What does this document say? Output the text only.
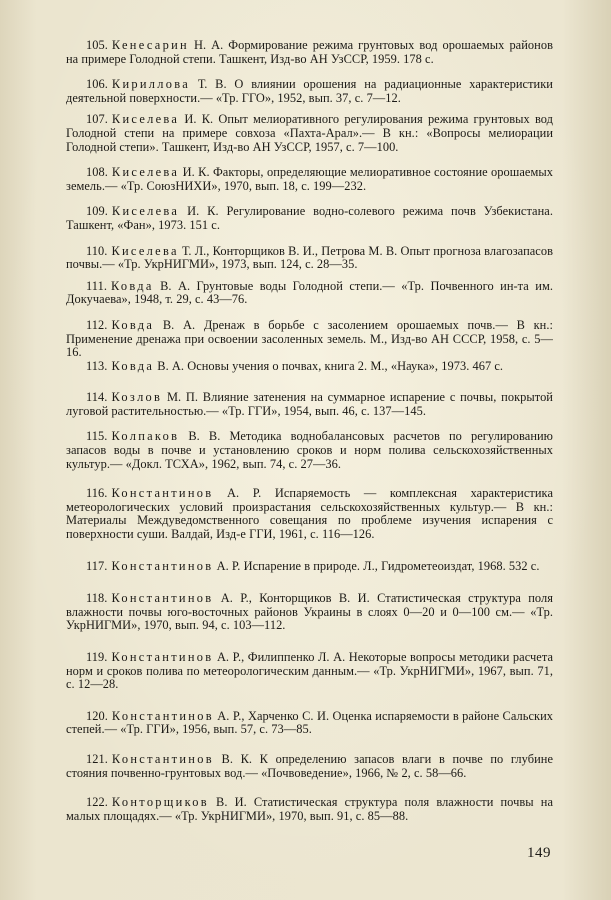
105. Кенесарин Н. А. Формирование режима грунтовых вод орошаемых районов на примере Голодной степи. Ташкент, Изд-во АН УзССР, 1959. 178 с.
106. Кириллова Т. В. О влиянии орошения на радиационные характеристики деятельной поверхности.— «Тр. ГГО», 1952, вып. 37, с. 7—12.
107. Киселева И. К. Опыт мелиоративного регулирования режима грунтовых вод Голодной степи на примере совхоза «Пахта-Арал».— В кн.: «Вопросы мелиорации Голодной степи». Ташкент, Изд-во АН УзССР, 1957, с. 7—100.
108. Киселева И. К. Факторы, определяющие мелиоративное состояние орошаемых земель.— «Тр. СоюзНИХИ», 1970, вып. 18, с. 199—232.
109. Киселева И. К. Регулирование водно-солевого режима почв Узбекистана. Ташкент, «Фан», 1973. 151 с.
110. Киселева Т. Л., Конторщиков В. И., Петрова М. В. Опыт прогноза влагозапасов почвы.— «Тр. УкрНИГМИ», 1973, вып. 124, с. 28—35.
111. Ковда В. А. Грунтовые воды Голодной степи.— «Тр. Почвенного ин-та им. Докучаева», 1948, т. 29, с. 43—76.
112. Ковда В. А. Дренаж в борьбе с засолением орошаемых почв.— В кн.: Применение дренажа при освоении засоленных земель. М., Изд-во АН СССР, 1958, с. 5—16.
113. Ковда В. А. Основы учения о почвах, книга 2. М., «Наука», 1973. 467 с.
114. Козлов М. П. Влияние затенения на суммарное испарение с почвы, покрытой луговой растительностью.— «Тр. ГГИ», 1954, вып. 46, с. 137—145.
115. Колпаков В. В. Методика воднобалансовых расчетов по регулированию запасов воды в почве и установлению сроков и норм полива сельскохозяйственных культур.— «Докл. ТСХА», 1962, вып. 74, с. 27—36.
116. Константинов А. Р. Испаряемость — комплексная характеристика метеорологических условий произрастания сельскохозяйственных культур.— В кн.: Материалы Междуведомственного совещания по проблеме изучения испарения с поверхности суши. Валдай, Изд-е ГГИ, 1961, с. 116—126.
117. Константинов А. Р. Испарение в природе. Л., Гидрометеоиздат, 1968. 532 с.
118. Константинов А. Р., Конторщиков В. И. Статистическая структура поля влажности почвы юго-восточных районов Украины в слоях 0—20 и 0—100 см.— «Тр. УкрНИГМИ», 1970, вып. 94, с. 103—112.
119. Константинов А. Р., Филиппенко Л. А. Некоторые вопросы методики расчета норм и сроков полива по метеорологическим данным.— «Тр. УкрНИГМИ», 1967, вып. 71, с. 12—28.
120. Константинов А. Р., Харченко С. И. Оценка испаряемости в районе Сальских степей.— «Тр. ГГИ», 1956, вып. 57, с. 73—85.
121. Константинов В. К. К определению запасов влаги в почве по глубине стояния почвенно-грунтовых вод.— «Почвоведение», 1966, № 2, с. 58—66.
122. Конторщиков В. И. Статистическая структура поля влажности почвы на малых площадях.— «Тр. УкрНИГМИ», 1970, вып. 91, с. 85—88.
149
